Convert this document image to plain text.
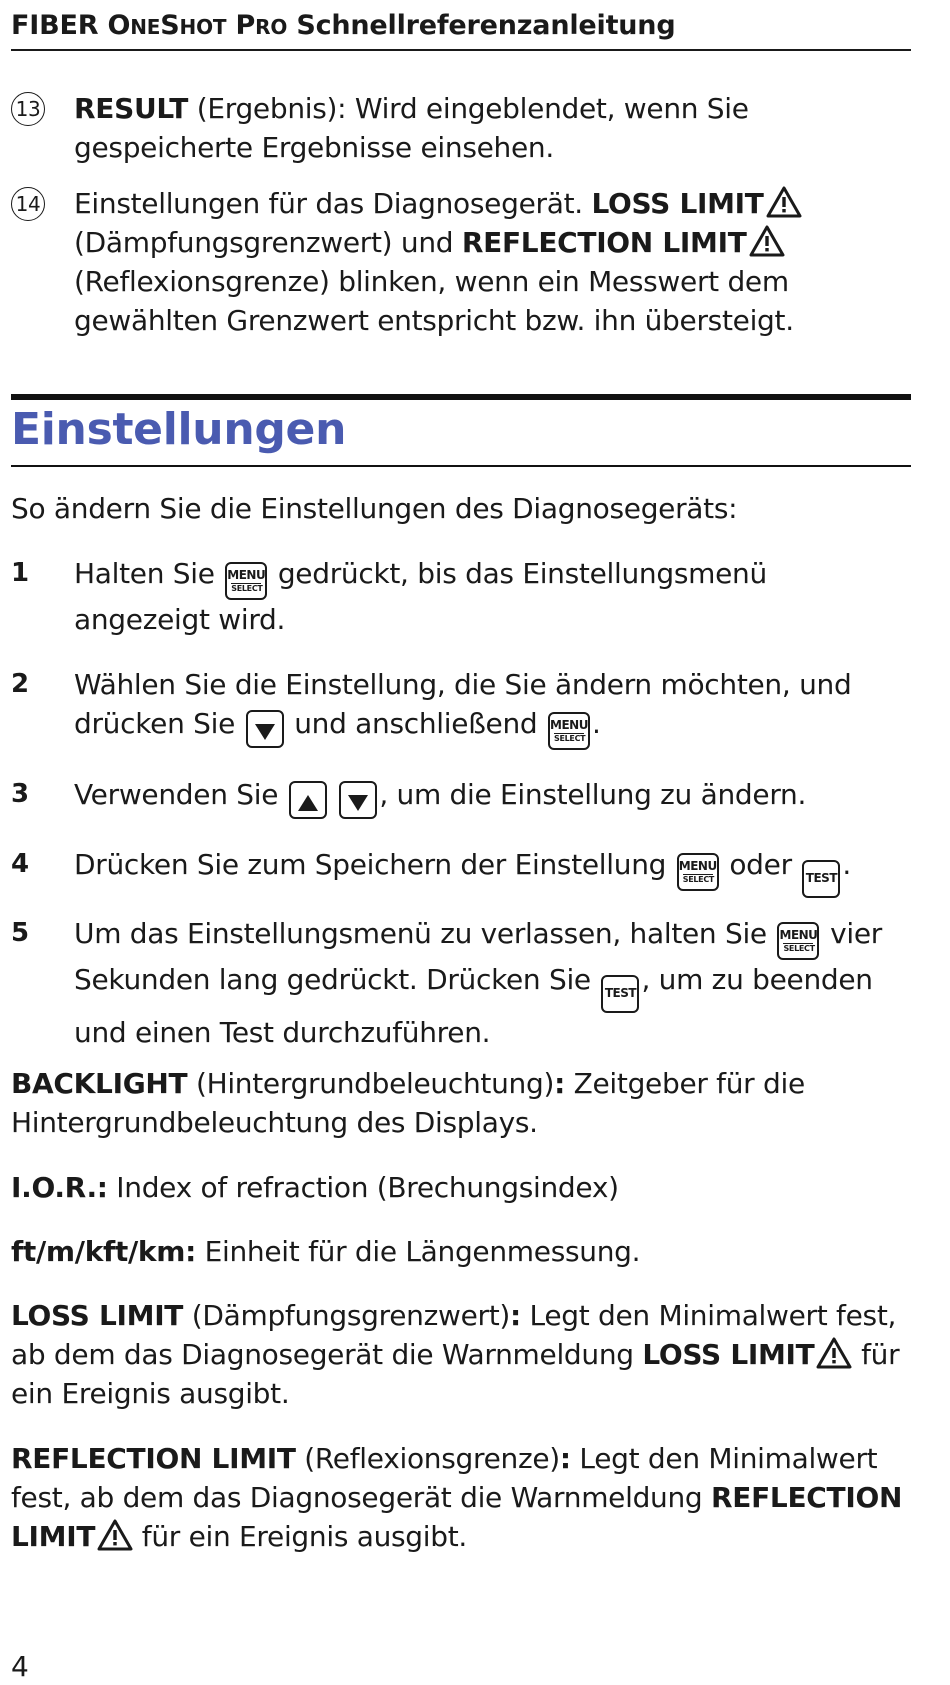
FIBER ONESHOT PRO Schnellreferenzanleitung
13 RESULT (Ergebnis): Wird eingeblendet, wenn Sie gespeicherte Ergebnisse einsehen.
14 Einstellungen für das Diagnosegerät. LOSS LIMIT (Dämpfungsgrenzwert) und REFLECTION LIMIT (Reflexionsgrenze) blinken, wenn ein Messwert dem gewählten Grenzwert entspricht bzw. ihn übersteigt.
Einstellungen
So ändern Sie die Einstellungen des Diagnosegeräts:
1 Halten Sie MENU
SELECT gedrückt, bis das Einstellungsmenü angezeigt wird.
2 Wählen Sie die Einstellung, die Sie ändern möchten, und drücken Sie  und anschließend MENU
SELECT .
3 Verwenden Sie	, um die Einstellung zu ändern.
4 Drücken Sie zum Speichern der Einstellung MENU
SELECT oder TEST .
5 Um das Einstellungsmenü zu verlassen, halten Sie MENU
SELECT vier Sekunden lang gedrückt. Drücken Sie TEST , um zu beenden und einen Test durchzuführen.
BACKLIGHT (Hintergrundbeleuchtung): Zeitgeber für die Hintergrundbeleuchtung des Displays.
I.O.R.: Index of refraction (Brechungsindex)
ft/m/kft/km: Einheit für die Längenmessung.
LOSS LIMIT (Dämpfungsgrenzwert): Legt den Minimalwert fest, ab dem das Diagnosegerät die Warnmeldung LOSS LIMIT für ein Ereignis ausgibt.
REFLECTION LIMIT (Reflexionsgrenze): Legt den Minimalwert fest, ab dem das Diagnosegerät die Warnmeldung REFLECTION LIMIT für ein Ereignis ausgibt.
4
